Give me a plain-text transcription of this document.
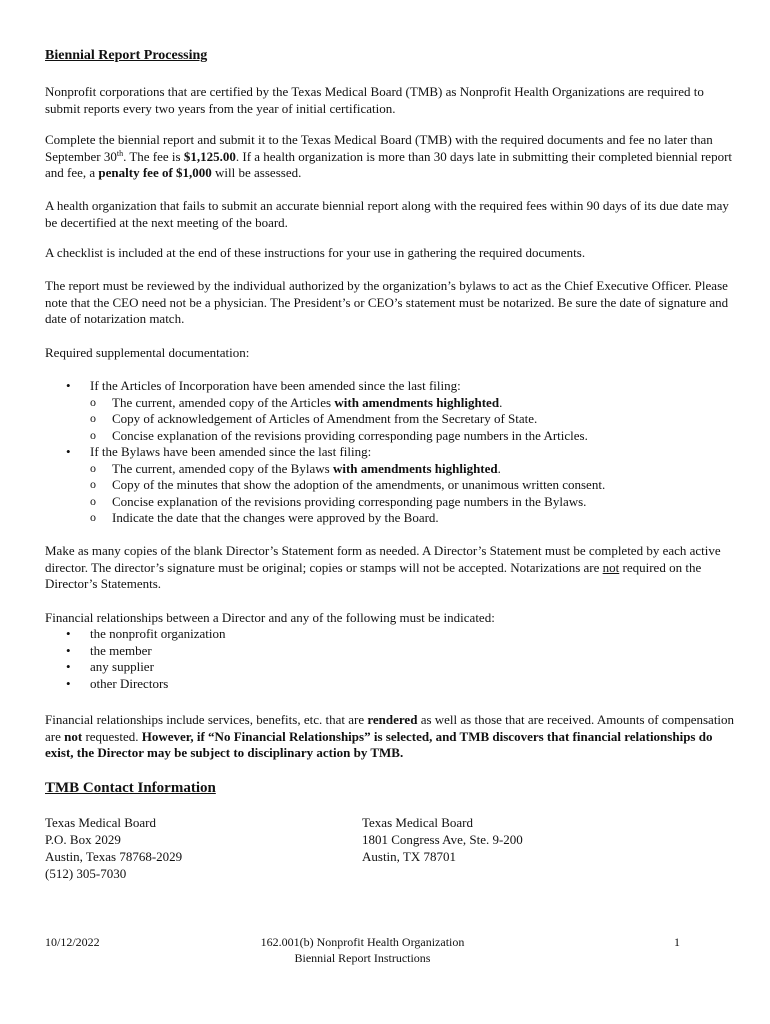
Biennial Report Processing

Nonprofit corporations that are certified by the Texas Medical Board (TMB) as Nonprofit Health Organizations are required to submit reports every two years from the year of initial certification.

Complete the biennial report and submit it to the Texas Medical Board (TMB) with the required documents and fee no later than September 30th. The fee is $1,125.00. If a health organization is more than 30 days late in submitting their completed biennial report and fee, a penalty fee of $1,000 will be assessed.

A health organization that fails to submit an accurate biennial report along with the required fees within 90 days of its due date may be decertified at the next meeting of the board.

A checklist is included at the end of these instructions for your use in gathering the required documents.

The report must be reviewed by the individual authorized by the organization’s bylaws to act as the Chief Executive Officer. Please note that the CEO need not be a physician. The President’s or CEO’s statement must be notarized. Be sure the date of signature and date of notarization match.

Required supplemental documentation:

• If the Articles of Incorporation have been amended since the last filing:
o The current, amended copy of the Articles with amendments highlighted.
o Copy of acknowledgement of Articles of Amendment from the Secretary of State.
o Concise explanation of the revisions providing corresponding page numbers in the Articles.
• If the Bylaws have been amended since the last filing:
o The current, amended copy of the Bylaws with amendments highlighted.
o Copy of the minutes that show the adoption of the amendments, or unanimous written consent.
o Concise explanation of the revisions providing corresponding page numbers in the Bylaws.
o Indicate the date that the changes were approved by the Board.

Make as many copies of the blank Director’s Statement form as needed. A Director’s Statement must be completed by each active director. The director’s signature must be original; copies or stamps will not be accepted. Notarizations are not required on the Director’s Statements.

Financial relationships between a Director and any of the following must be indicated:

• the nonprofit organization
• the member
• any supplier
• other Directors

Financial relationships include services, benefits, etc. that are rendered as well as those that are received. Amounts of compensation are not requested. However, if “No Financial Relationships” is selected, and TMB discovers that financial relationships do exist, the Director may be subject to disciplinary action by TMB.

TMB Contact Information
Texas Medical Board
P.O. Box 2029
Austin, Texas 78768-2029
(512) 305-7030
Texas Medical Board
1801 Congress Ave, Ste. 9-200
Austin, TX 78701
10/12/2022	162.001(b) Nonprofit Health Organization
Biennial Report Instructions
1
